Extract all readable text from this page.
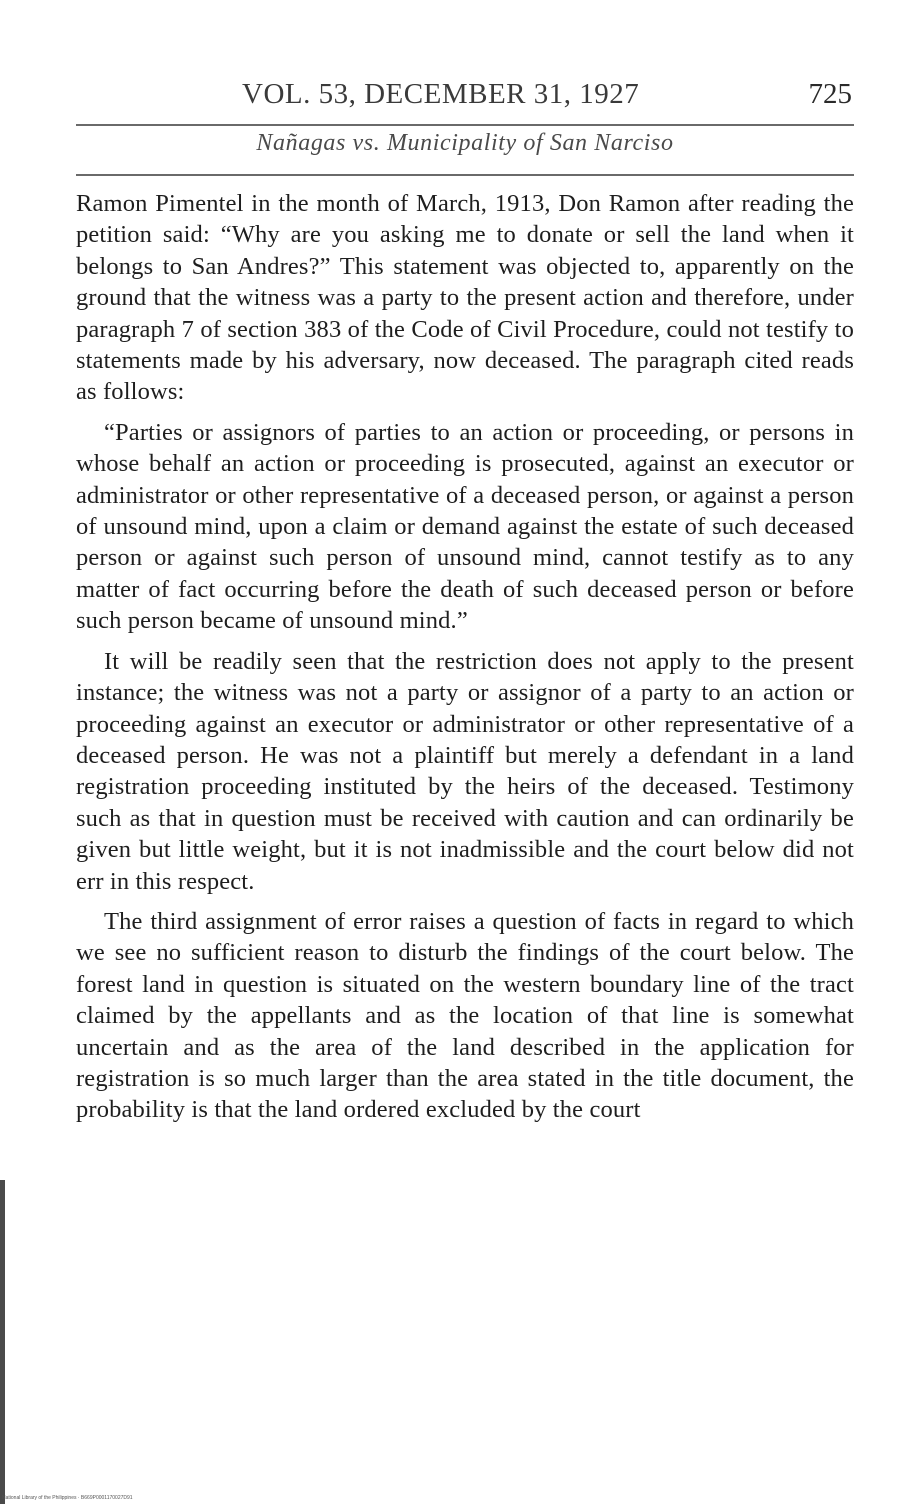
VOL. 53, DECEMBER 31, 1927	725
Nañagas vs. Municipality of San Narciso

Ramon Pimentel in the month of March, 1913, Don Ramon after reading the petition said: “Why are you asking me to donate or sell the land when it belongs to San Andres?” This statement was objected to, apparently on the ground that the witness was a party to the present action and therefore, under paragraph 7 of section 383 of the Code of Civil Procedure, could not testify to statements made by his adversary, now deceased. The paragraph cited reads as follows:

“Parties or assignors of parties to an action or proceeding, or persons in whose behalf an action or proceeding is prosecuted, against an executor or administrator or other representative of a deceased person, or against a person of unsound mind, upon a claim or demand against the estate of such deceased person or against such person of unsound mind, cannot testify as to any matter of fact occurring before the death of such deceased person or before such person became of unsound mind.”

It will be readily seen that the restriction does not apply to the present instance; the witness was not a party or assignor of a party to an action or proceeding against an executor or administrator or other representative of a deceased person. He was not a plaintiff but merely a defendant in a land registration proceeding instituted by the heirs of the deceased. Testimony such as that in question must be received with caution and can ordinarily be given but little weight, but it is not inadmissible and the court below did not err in this respect.

The third assignment of error raises a question of facts in regard to which we see no sufficient reason to disturb the findings of the court below. The forest land in question is situated on the western boundary line of the tract claimed by the appellants and as the location of that line is somewhat uncertain and as the area of the land described in the application for registration is so much larger than the area stated in the title document, the probability is that the land ordered excluded by the court

National Library of the Philippines · B669P0001170027D91
